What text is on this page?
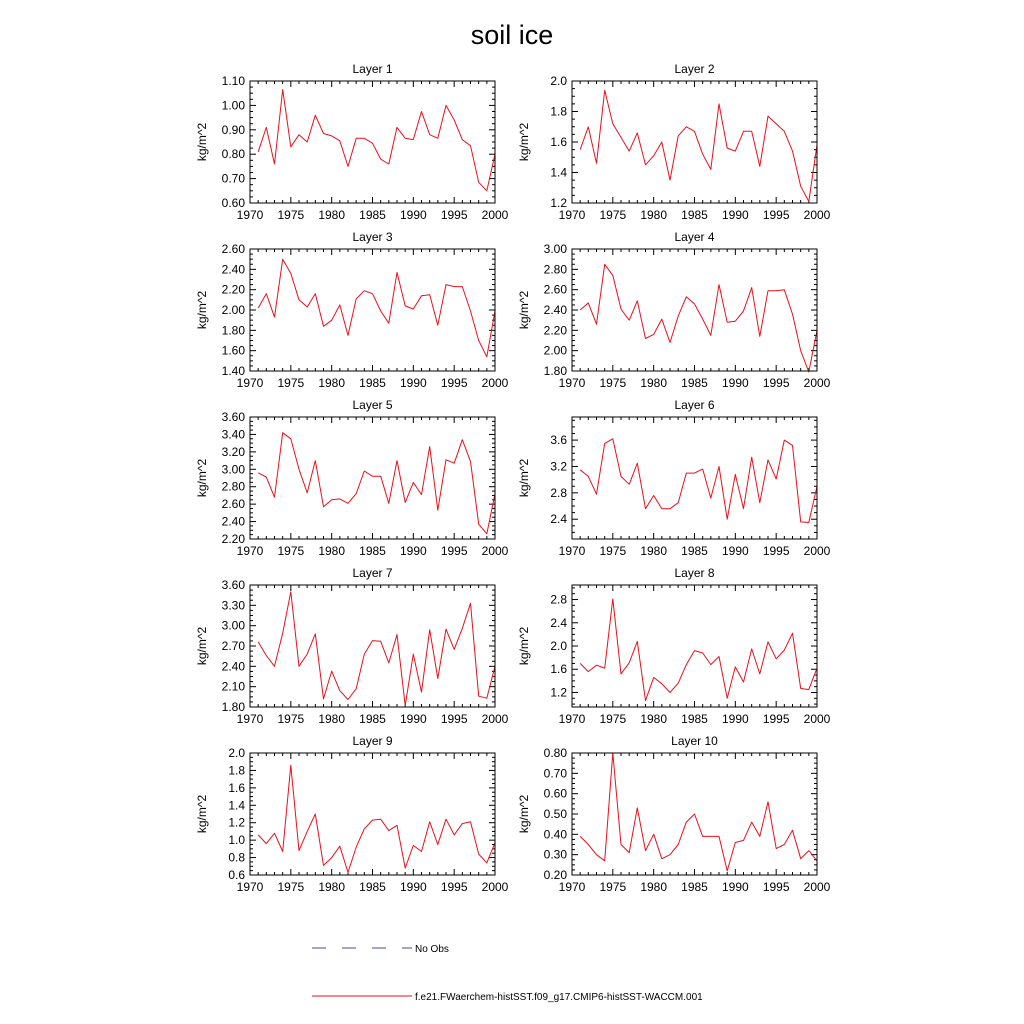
soil ice
Layer 1
kg/m^2
1970 1975 1980 1985 1990 1995 2000
0.60
0.70
0.80
0.90
1.00
1.10
Layer 2
kg/m^2
1970 1975 1980 1985 1990 1995 2000
1.2
1.4
1.6
1.8
2.0
Layer 3
kg/m^2
1970 1975 1980 1985 1990 1995 2000
1.40
1.60
1.80
2.00
2.20
2.40
2.60
Layer 4
kg/m^2
1970 1975 1980 1985 1990 1995 2000
1.80
2.00
2.20
2.40
2.60
2.80
3.00
Layer 5
kg/m^2
1970 1975 1980 1985 1990 1995 2000
2.20
2.40
2.60
2.80
3.00
3.20
3.40
3.60
Layer 6
kg/m^2
1970 1975 1980 1985 1990 1995 2000
2.4
2.8
3.2
3.6
Layer 7
kg/m^2
1970 1975 1980 1985 1990 1995 2000
1.80
2.10
2.40
2.70
3.00
3.30
3.60
Layer 8
kg/m^2
1970 1975 1980 1985 1990 1995 2000
1.2
1.6
2.0
2.4
2.8
Layer 9
kg/m^2
1970 1975 1980 1985 1990 1995 2000
0.6
0.8
1.0
1.2
1.4
1.6
1.8
2.0
Layer 10
kg/m^2
1970 1975 1980 1985 1990 1995 2000
0.20
0.30
0.40
0.50
0.60
0.70
0.80
No Obs
f.e21.FWaerchem-histSST.f09_g17.CMIP6-histSST-WACCM.001
